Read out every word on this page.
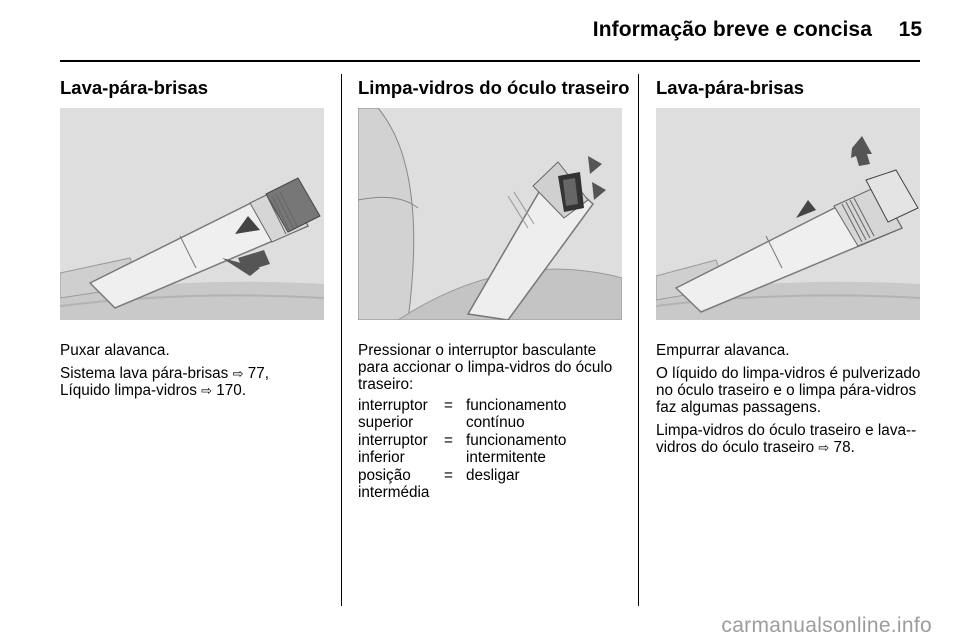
Informação breve e concisa 15
Lava-pára-brisas

Puxar alavanca.

Sistema lava pára-brisas ⇨ 77,
Líquido limpa-vidros ⇨ 170.

Limpa-vidros do óculo traseiro

Pressionar o interruptor basculante para accionar o limpa-vidros do óculo traseiro:

interruptor superior	=	funcionamento contínuo
interruptor inferior	=	funcionamento intermitente
posição intermédia	=	desligar
Lava-pára-brisas

Empurrar alavanca.

O líquido do limpa-vidros é pulverizado no óculo traseiro e o limpa pára-vidros faz algumas passagens.

Limpa-vidros do óculo traseiro e lava--vidros do óculo traseiro ⇨ 78.

carmanualsonline.info
